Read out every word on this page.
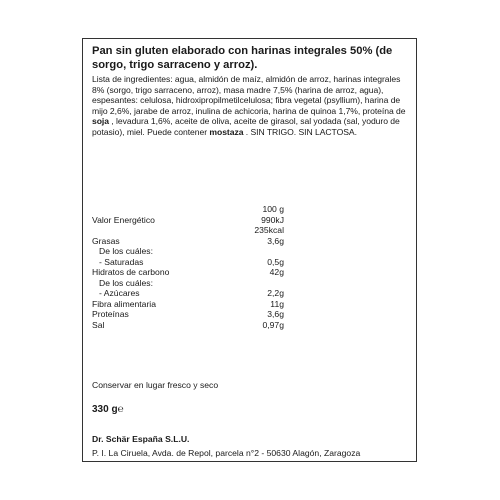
Pan sin gluten elaborado con harinas integrales 50% (de sorgo, trigo sarraceno y arroz).
Lista de ingredientes: agua, almidón de maíz, almidón de arroz, harinas integrales 8% (sorgo, trigo sarraceno, arroz), masa madre 7,5% (harina de arroz, agua), espesantes: celulosa, hidroxipropilmetilcelulosa; fibra vegetal (psyllium), harina de mijo 2,6%, jarabe de arroz, inulina de achicoria, harina de quinoa 1,7%, proteína de soja , levadura 1,6%, aceite de oliva, aceite de girasol, sal yodada (sal, yoduro de potasio), miel. Puede contener mostaza . SIN TRIGO. SIN LACTOSA.
100 g
Valor Energético	990kJ
235kcal
Grasas	3,6g
De los cuáles:
- Saturadas	0,5g
Hidratos de carbono	42g
De los cuáles:
- Azúcares	2,2g
Fibra alimentaria	11g
Proteínas	3,6g
Sal	0,97g
Conservar en lugar fresco y seco
330 g℮
Dr. Schär España S.L.U.
P. I. La Ciruela, Avda. de Repol, parcela n°2 - 50630 Alagón, Zaragoza
